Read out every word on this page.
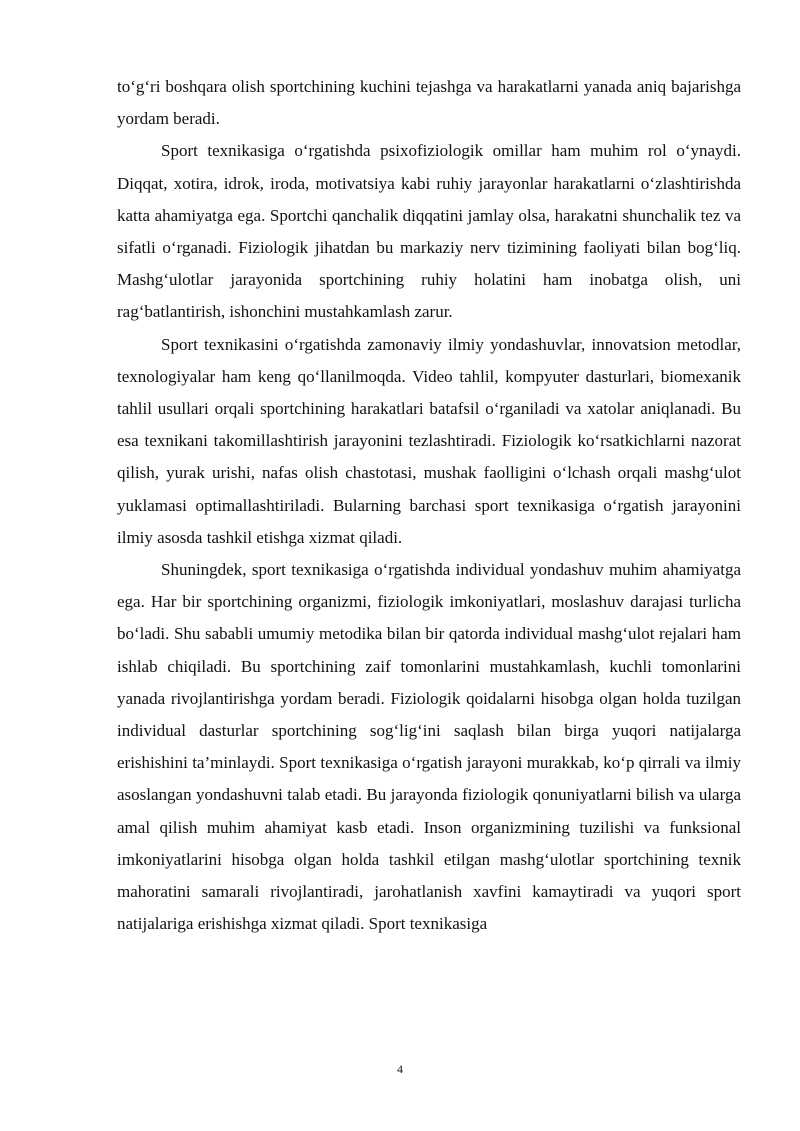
to‘g‘ri boshqara olish sportchining kuchini tejashga va harakatlarni yanada aniq bajarishga yordam beradi.

Sport texnikasiga o‘rgatishda psixofiziologik omillar ham muhim rol o‘ynaydi. Diqqat, xotira, idrok, iroda, motivatsiya kabi ruhiy jarayonlar harakatlarni o‘zlashtirishda katta ahamiyatga ega. Sportchi qanchalik diqqatini jamlay olsa, harakatni shunchalik tez va sifatli o‘rganadi. Fiziologik jihatdan bu markaziy nerv tizimining faoliyati bilan bog‘liq. Mashg‘ulotlar jarayonida sportchining ruhiy holatini ham inobatga olish, uni rag‘batlantirish, ishonchini mustahkamlash zarur.

Sport texnikasini o‘rgatishda zamonaviy ilmiy yondashuvlar, innovatsion metodlar, texnologiyalar ham keng qo‘llanilmoqda. Video tahlil, kompyuter dasturlari, biomexanik tahlil usullari orqali sportchining harakatlari batafsil o‘rganiladi va xatolar aniqlanadi. Bu esa texnikani takomillashtirish jarayonini tezlashtiradi. Fiziologik ko‘rsatkichlarni nazorat qilish, yurak urishi, nafas olish chastotasi, mushak faolligini o‘lchash orqali mashg‘ulot yuklamasi optimallashtiriladi. Bularning barchasi sport texnikasiga o‘rgatish jarayonini ilmiy asosda tashkil etishga xizmat qiladi.

Shuningdek, sport texnikasiga o‘rgatishda individual yondashuv muhim ahamiyatga ega. Har bir sportchining organizmi, fiziologik imkoniyatlari, moslashuv darajasi turlicha bo‘ladi. Shu sababli umumiy metodika bilan bir qatorda individual mashg‘ulot rejalari ham ishlab chiqiladi. Bu sportchining zaif tomonlarini mustahkamlash, kuchli tomonlarini yanada rivojlantirishga yordam beradi. Fiziologik qoidalarni hisobga olgan holda tuzilgan individual dasturlar sportchining sog‘lig‘ini saqlash bilan birga yuqori natijalarga erishishini ta’minlaydi. Sport texnikasiga o‘rgatish jarayoni murakkab, ko‘p qirrali va ilmiy asoslangan yondashuvni talab etadi. Bu jarayonda fiziologik qonuniyatlarni bilish va ularga amal qilish muhim ahamiyat kasb etadi. Inson organizmining tuzilishi va funksional imkoniyatlarini hisobga olgan holda tashkil etilgan mashg‘ulotlar sportchining texnik mahoratini samarali rivojlantiradi, jarohatlanish xavfini kamaytiradi va yuqori sport natijalariga erishishga xizmat qiladi. Sport texnikasiga

4
